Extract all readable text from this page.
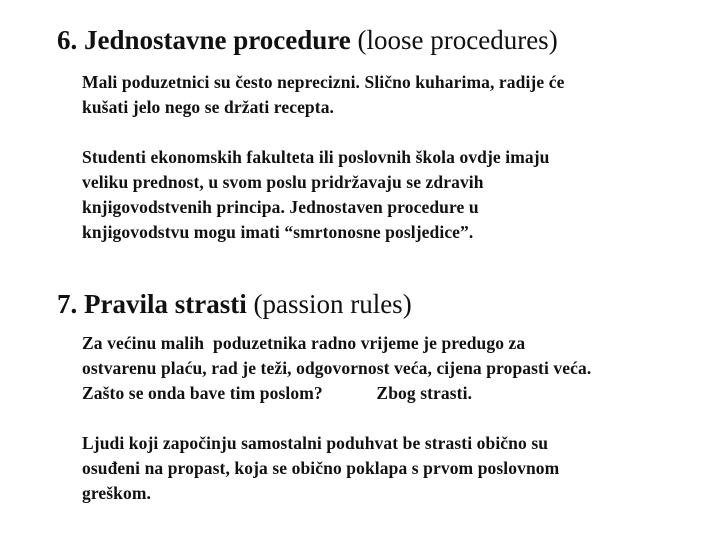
6. Jednostavne procedure (loose procedures)

Mali poduzetnici su često neprecizni. Slično kuharima, radije će
kušati jelo nego se držati recepta.

Studenti ekonomskih fakulteta ili poslovnih škola ovdje imaju
veliku prednost, u svom poslu pridržavaju se zdravih
knjigovodstvenih principa. Jednostaven procedure u
knjigovodstvu mogu imati “smrtonosne posljedice”.

7. Pravila strasti (passion rules)

Za većinu malih  poduzetnika radno vrijeme je predugo za
ostvarenu plaću, rad je teži, odgovornost veća, cijena propasti veća.
Zašto se onda bave tim poslom?            Zbog strasti.

Ljudi koji započinju samostalni poduhvat be strasti obično su
osuđeni na propast, koja se obično poklapa s prvom poslovnom
greškom.
